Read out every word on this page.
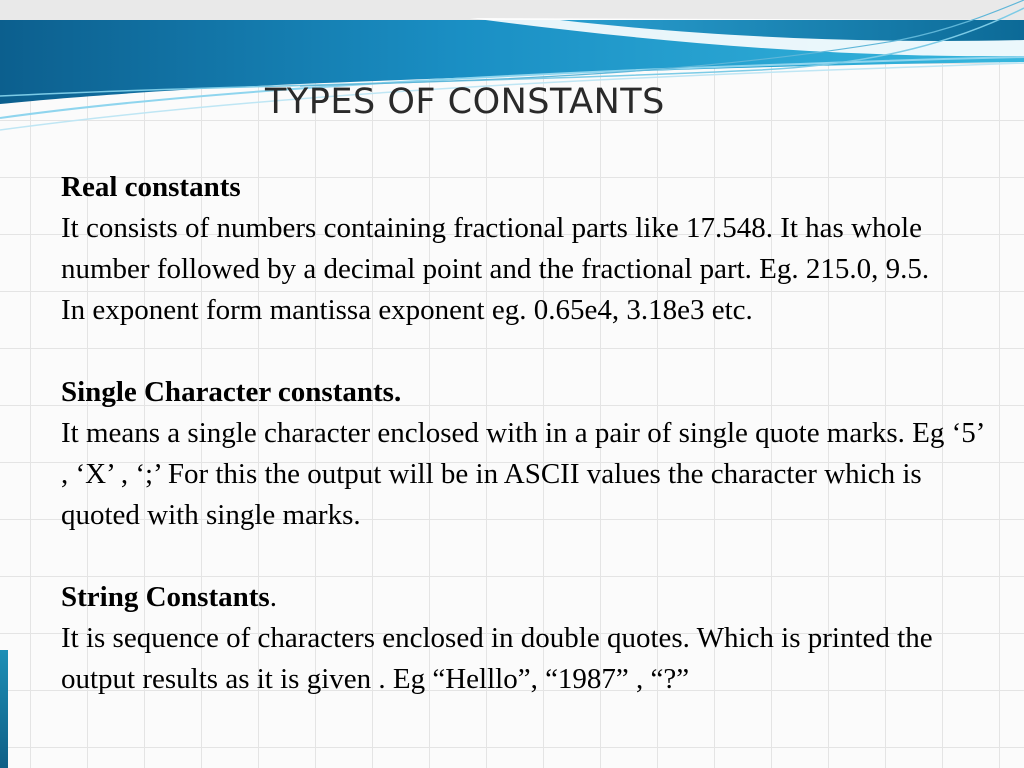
TYPES OF CONSTANTS
Real constants
It consists of numbers containing fractional parts like 17.548. It has whole number followed by a decimal point and the fractional part. Eg. 215.0, 9.5.
In exponent form mantissa exponent eg. 0.65e4, 3.18e3 etc.
Single Character constants.
It means a single character enclosed with in a pair of single quote marks. Eg ‘5’ , ‘X’ , ‘;’ For this the output will be in ASCII values the character which is quoted with single marks.
String Constants.
It is sequence of characters enclosed in double quotes. Which is printed the output results as it is given . Eg “Helllo”, “1987” , “?”
